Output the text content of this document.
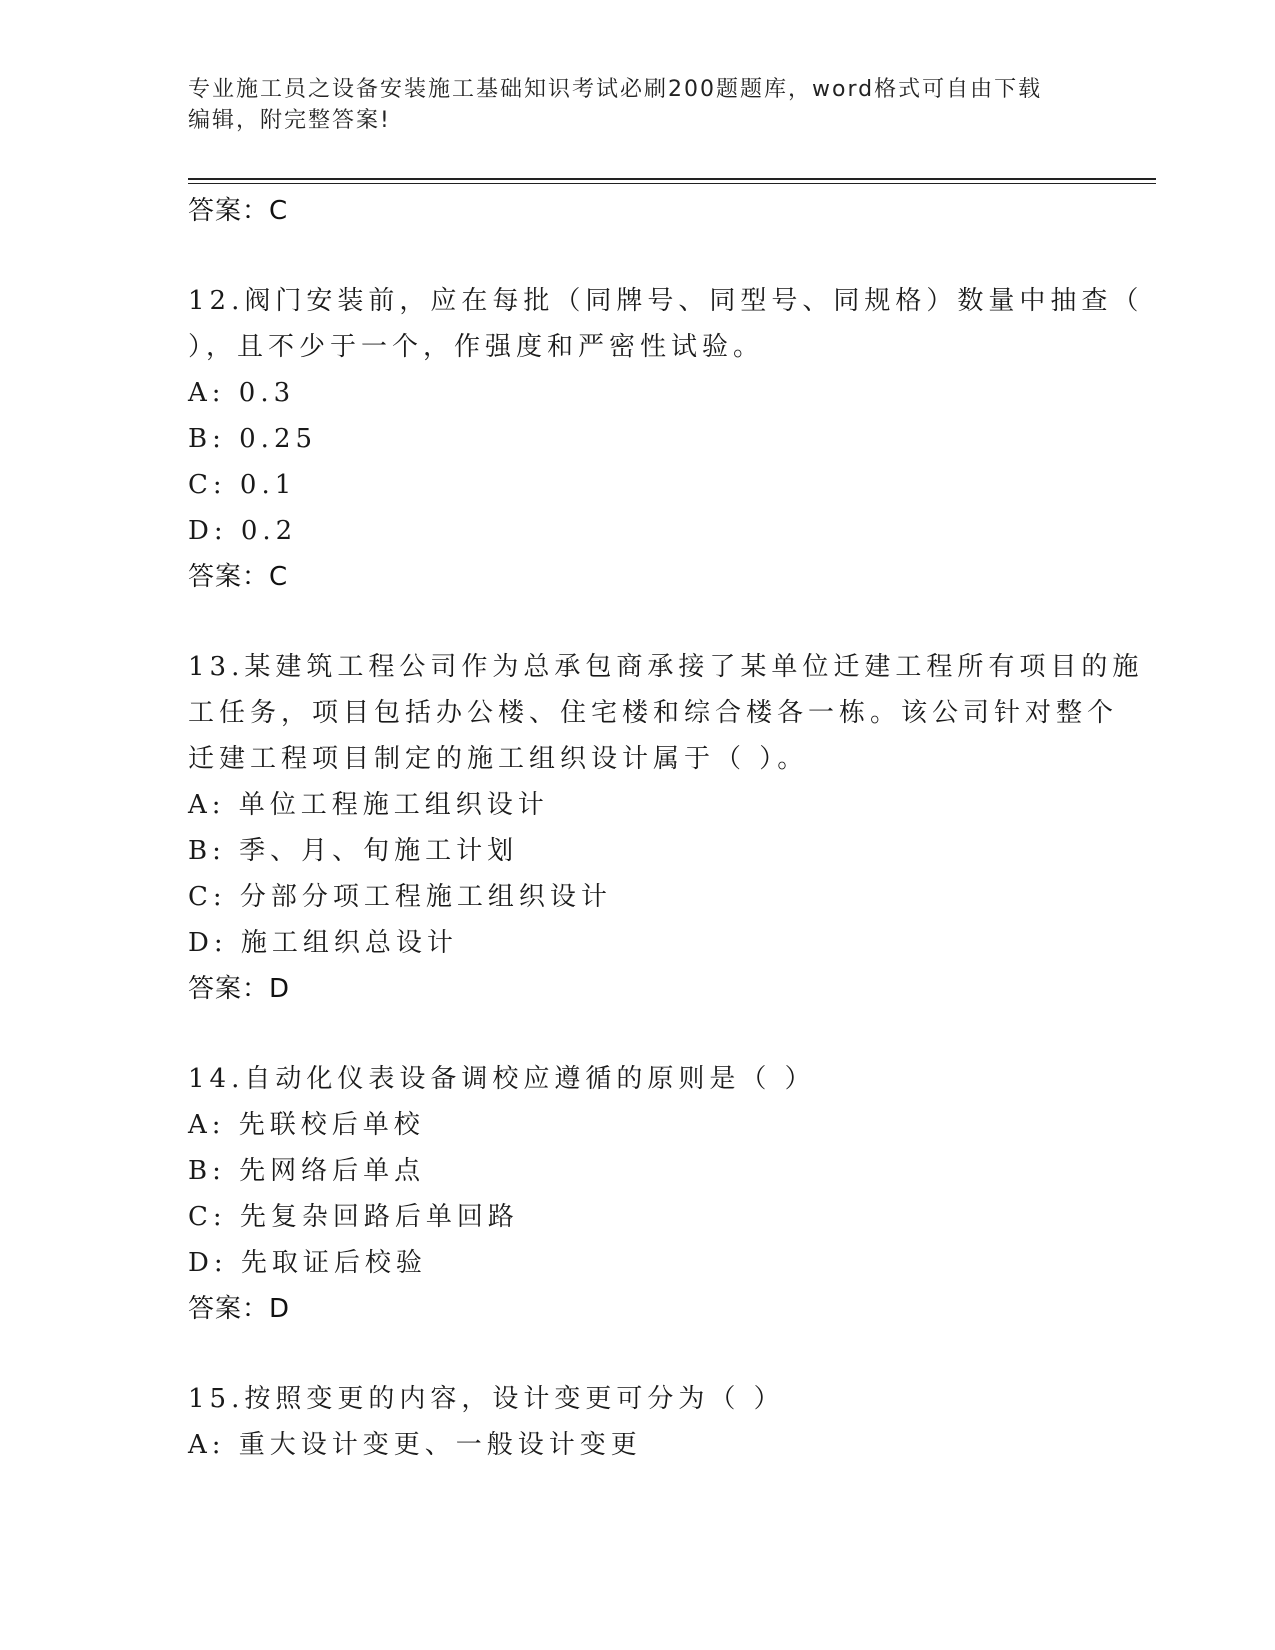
专业施工员之设备安装施工基础知识考试必刷200题题库，word格式可自由下载
编辑，附完整答案!
答案：C
12.阀门安装前，应在每批（同牌号、同型号、同规格）数量中抽查（
），且不少于一个，作强度和严密性试验。
A: 0.3
B: 0.25
C: 0.1
D: 0.2
答案：C
13.某建筑工程公司作为总承包商承接了某单位迁建工程所有项目的施
工任务，项目包括办公楼、住宅楼和综合楼各一栋。该公司针对整个
迁建工程项目制定的施工组织设计属于（ ）。
A: 单位工程施工组织设计
B: 季、月、旬施工计划
C: 分部分项工程施工组织设计
D: 施工组织总设计
答案：D
14.自动化仪表设备调校应遵循的原则是（ ）
A: 先联校后单校
B: 先网络后单点
C: 先复杂回路后单回路
D: 先取证后校验
答案：D
15.按照变更的内容，设计变更可分为（ ）
A: 重大设计变更、一般设计变更
